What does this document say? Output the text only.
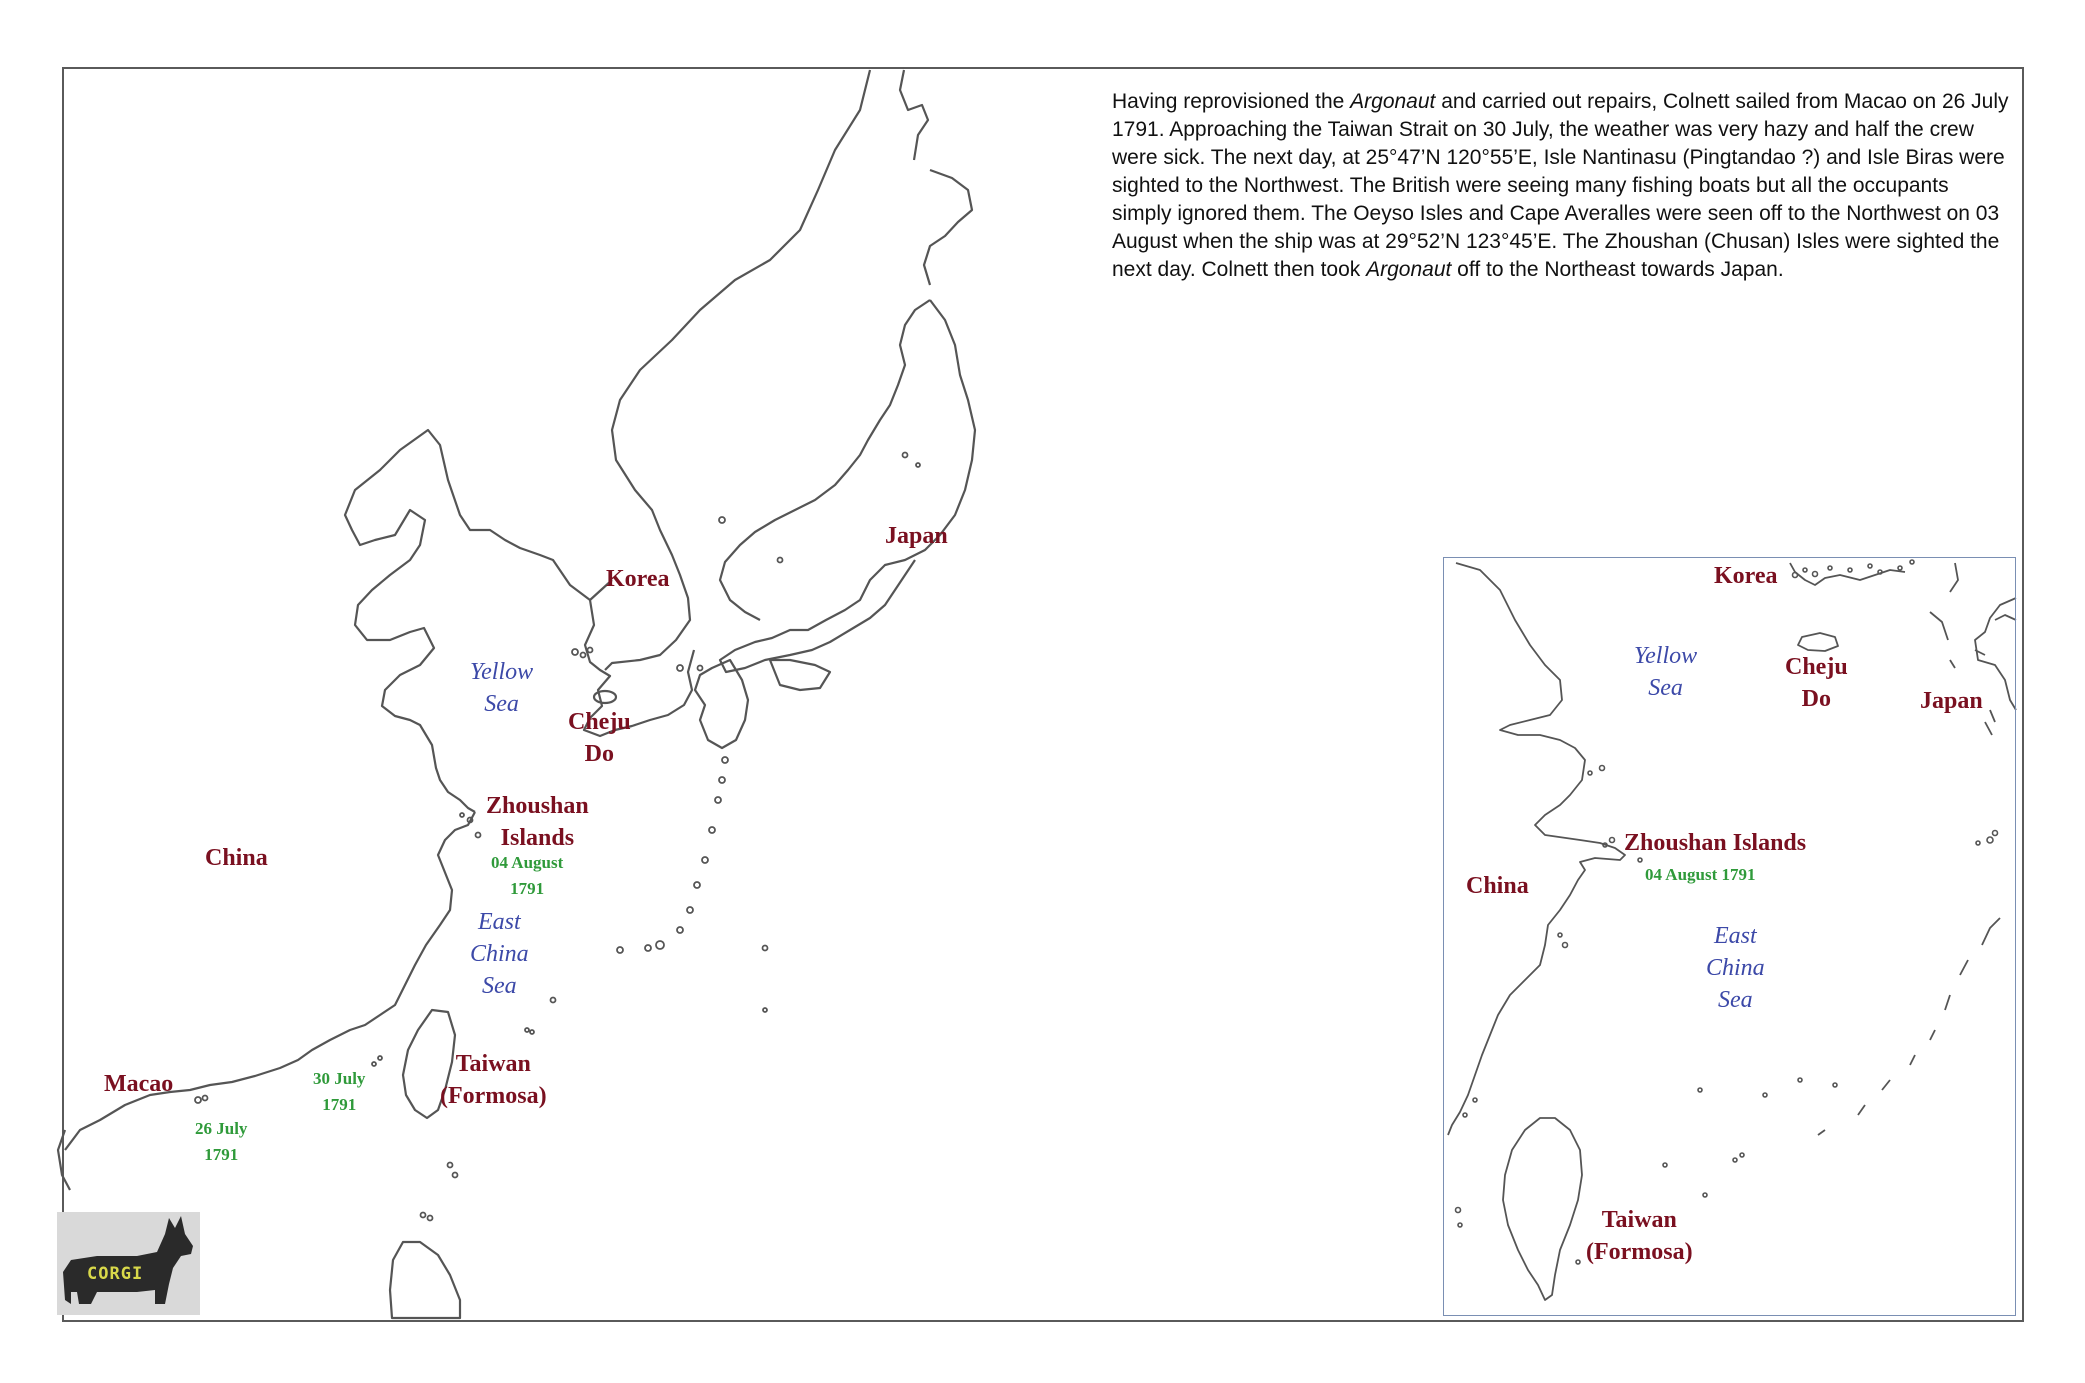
Having reprovisioned the Argonaut and carried out repairs, Colnett sailed from Macao on 26 July 1791. Approaching the Taiwan Strait on 30 July, the weather was very hazy and half the crew were sick. The next day, at 25°47’N 120°55’E, Isle Nantinasu (Pingtandao ?) and Isle Biras were sighted to the Northwest. The British were seeing many fishing boats but all the occupants simply ignored them. The Oeyso Isles and Cape Averalles were seen off to the Northwest on 03 August when the ship was at 29°52’N 123°45’E. The Zhoushan (Chusan) Isles were sighted the next day. Colnett then took Argonaut off to the Northeast towards Japan.
Japan
Korea
Yellow
Sea
Cheju
Do
Zhoushan
Islands
04 August
1791
China
East
China
Sea
Taiwan
(Formosa)
Macao	30 July
1791
26 July
1791
Korea
Yellow
Sea
Cheju
Do	Japan
Zhoushan Islands
04 August 1791
China
East
China
Sea
Taiwan
(Formosa)
CORGI
